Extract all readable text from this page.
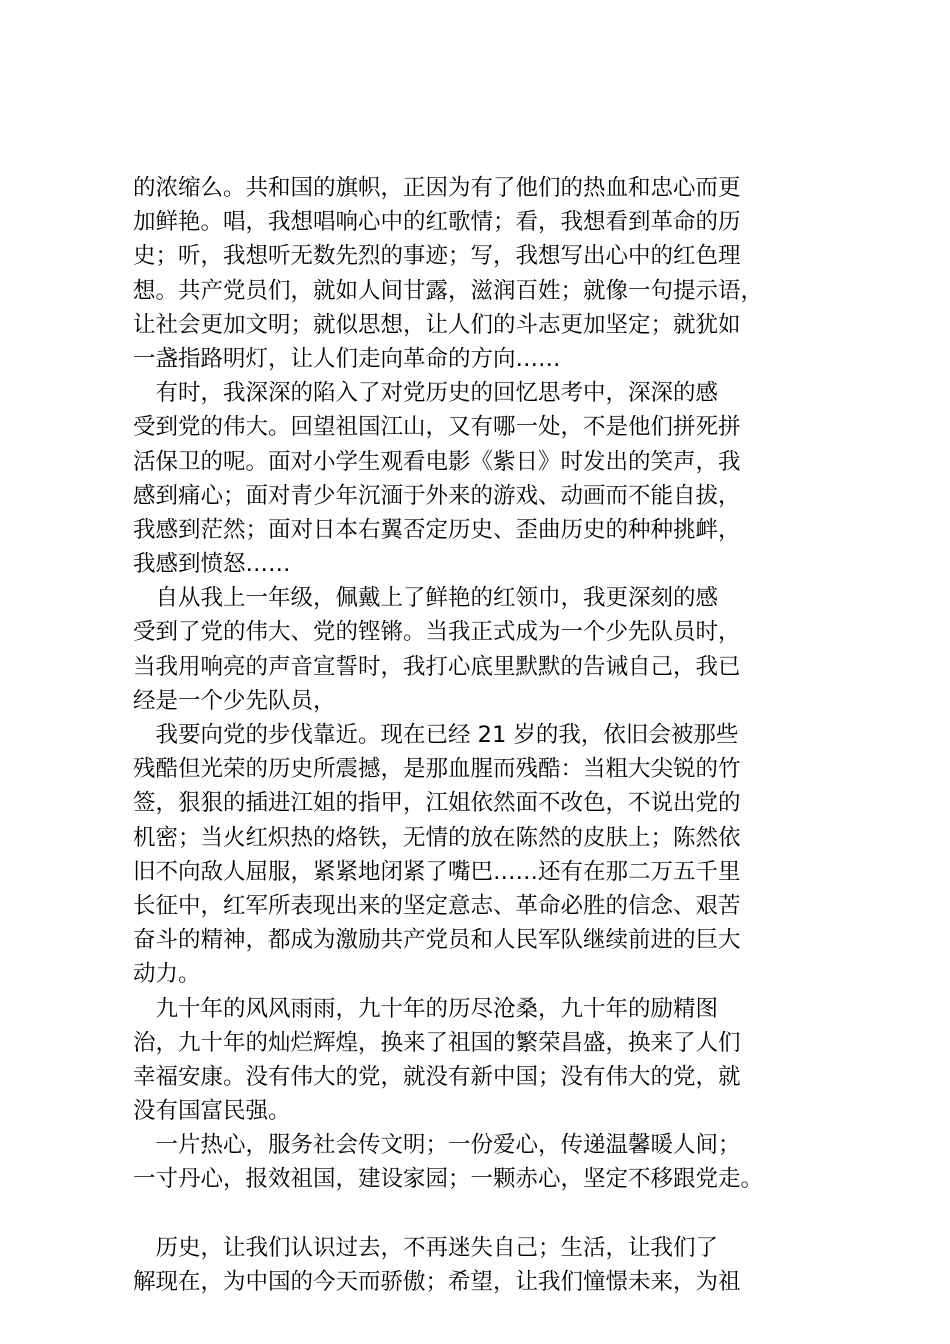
的浓缩么。共和国的旗帜，正因为有了他们的热血和忠心而更
加鲜艳。唱，我想唱响心中的红歌情；看，我想看到革命的历
史；听，我想听无数先烈的事迹；写，我想写出心中的红色理
想。共产党员们，就如人间甘露，滋润百姓；就像一句提示语，
让社会更加文明；就似思想，让人们的斗志更加坚定；就犹如
一盏指路明灯，让人们走向革命的方向……
　有时，我深深的陷入了对党历史的回忆思考中，深深的感
受到党的伟大。回望祖国江山，又有哪一处，不是他们拼死拼
活保卫的呢。面对小学生观看电影《紫日》时发出的笑声，我
感到痛心；面对青少年沉湎于外来的游戏、动画而不能自拔，
我感到茫然；面对日本右翼否定历史、歪曲历史的种种挑衅，
我感到愤怒……
　自从我上一年级，佩戴上了鲜艳的红领巾，我更深刻的感
受到了党的伟大、党的铿锵。当我正式成为一个少先队员时，
当我用响亮的声音宣誓时，我打心底里默默的告诫自己，我已
经是一个少先队员，
　我要向党的步伐靠近。现在已经 21 岁的我，依旧会被那些
残酷但光荣的历史所震撼，是那血腥而残酷：当粗大尖锐的竹
签，狠狠的插进江姐的指甲，江姐依然面不改色，不说出党的
机密；当火红炽热的烙铁，无情的放在陈然的皮肤上；陈然依
旧不向敌人屈服，紧紧地闭紧了嘴巴……还有在那二万五千里
长征中，红军所表现出来的坚定意志、革命必胜的信念、艰苦
奋斗的精神，都成为激励共产党员和人民军队继续前进的巨大
动力。
　九十年的风风雨雨，九十年的历尽沧桑，九十年的励精图
治，九十年的灿烂辉煌，换来了祖国的繁荣昌盛，换来了人们
幸福安康。没有伟大的党，就没有新中国；没有伟大的党，就
没有国富民强。
　一片热心，服务社会传文明；一份爱心，传递温馨暖人间；
一寸丹心，报效祖国，建设家园；一颗赤心，坚定不移跟党走。
　历史，让我们认识过去，不再迷失自己；生活，让我们了
解现在，为中国的今天而骄傲；希望，让我们憧憬未来，为祖
